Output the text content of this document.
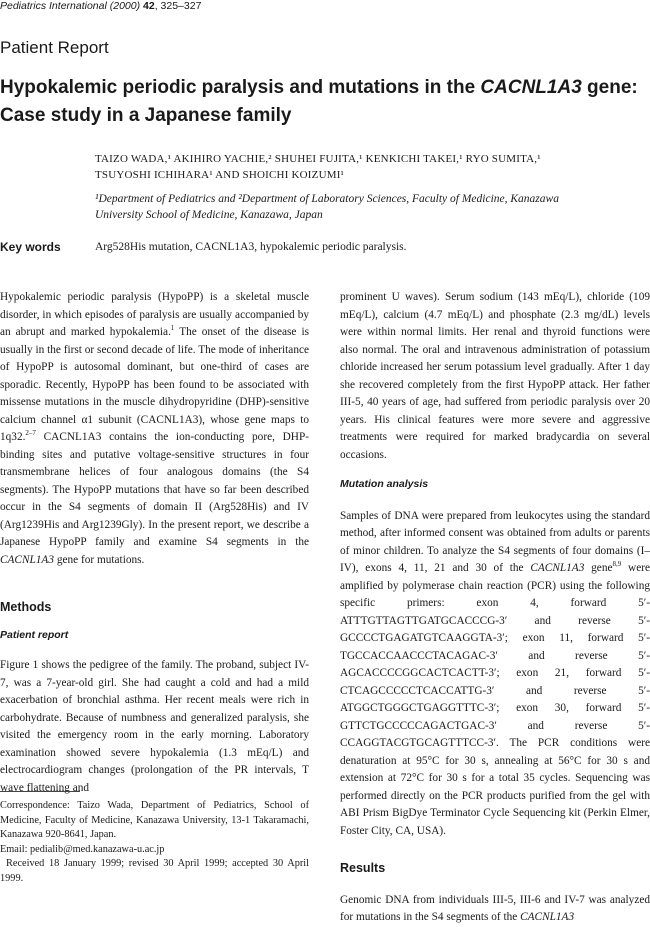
Pediatrics International (2000) 42, 325–327
Patient Report
Hypokalemic periodic paralysis and mutations in the CACNL1A3 gene: Case study in a Japanese family
TAIZO WADA,¹ AKIHIRO YACHIE,² SHUHEI FUJITA,¹ KENKICHI TAKEI,¹ RYO SUMITA,¹
TSUYOSHI ICHIHARA¹ AND SHOICHI KOIZUMI¹
¹Department of Pediatrics and ²Department of Laboratory Sciences, Faculty of Medicine, Kanazawa
University School of Medicine, Kanazawa, Japan
Key words	Arg528His mutation, CACNL1A3, hypokalemic periodic paralysis.

Hypokalemic periodic paralysis (HypoPP) is a skeletal muscle disorder, in which episodes of paralysis are usually accompanied by an abrupt and marked hypokalemia.$^1$ The onset of the disease is usually in the first or second decade of life. The mode of inheritance of HypoPP is autosomal dominant, but one-third of cases are sporadic. Recently, HypoPP has been found to be associated with missense mutations in the muscle dihydropyridine (DHP)-sensitive calcium channel α1 subunit (CACNL1A3), whose gene maps to 1q32.$^{2-7}$ CACNL1A3 contains the ion-conducting pore, DHP-binding sites and putative voltage-sensitive structures in four transmembrane helices of four analogous domains (the S4 segments). The HypoPP mutations that have so far been described occur in the S4 segments of domain II (Arg528His) and IV (Arg1239His and Arg1239Gly). In the present report, we describe a Japanese HypoPP family and examine S4 segments in the CACNL1A3 gene for mutations.

Methods
Patient report

Figure 1 shows the pedigree of the family. The proband, subject IV-7, was a 7-year-old girl. She had caught a cold and had a mild exacerbation of bronchial asthma. Her recent meals were rich in carbohydrate. Because of numbness and generalized paralysis, she visited the emergency room in the early morning. Laboratory examination showed severe hypokalemia (1.3 mEq/L) and electrocardiogram changes (prolongation of the PR intervals, T wave flattening and

Correspondence: Taizo Wada, Department of Pediatrics, School of Medicine, Faculty of Medicine, Kanazawa University, 13-1 Takaramachi, Kanazawa 920-8641, Japan.
Email: pedialib@med.kanazawa-u.ac.jp
Received 18 January 1999; revised 30 April 1999; accepted 30 April 1999.

prominent U waves). Serum sodium (143 mEq/L), chloride (109 mEq/L), calcium (4.7 mEq/L) and phosphate (2.3 mg/dL) levels were within normal limits. Her renal and thyroid functions were also normal. The oral and intravenous administration of potassium chloride increased her serum potassium level gradually. After 1 day she recovered completely from the first HypoPP attack. Her father III-5, 40 years of age, had suffered from periodic paralysis over 20 years. His clinical features were more severe and aggressive treatments were required for marked bradycardia on several occasions.

Mutation analysis

Samples of DNA were prepared from leukocytes using the standard method, after informed consent was obtained from adults or parents of minor children. To analyze the S4 segments of four domains (I–IV), exons 4, 11, 21 and 30 of the CACNL1A3 gene$^{8,9}$ were amplified by polymerase chain reaction (PCR) using the following specific primers: exon 4, forward 5′-ATTTGTTAGTTGATGCACCCG-3′ and reverse 5′-GCCCCTGAGATGTCAAGGTA-3′; exon 11, forward 5′-TGCCACCAACCCTACAGAC-3′ and reverse 5′-AGCACCCCGGCACTCACTT-3′; exon 21, forward 5′-CTCAGCCCCCTCACCATTG-3′ and reverse 5′-ATGGCTGGGCTGAGGTTTC-3′; exon 30, forward 5′-GTTCTGCCCCCAGACTGAC-3′ and reverse 5′-CCAGGTACGTGCAGTTTCC-3′. The PCR conditions were denaturation at 95°C for 30 s, annealing at 56°C for 30 s and extension at 72°C for 30 s for a total 35 cycles. Sequencing was performed directly on the PCR products purified from the gel with ABI Prism BigDye Terminator Cycle Sequencing kit (Perkin Elmer, Foster City, CA, USA).

Results

Genomic DNA from individuals III-5, III-6 and IV-7 was analyzed for mutations in the S4 segments of the CACNL1A3
